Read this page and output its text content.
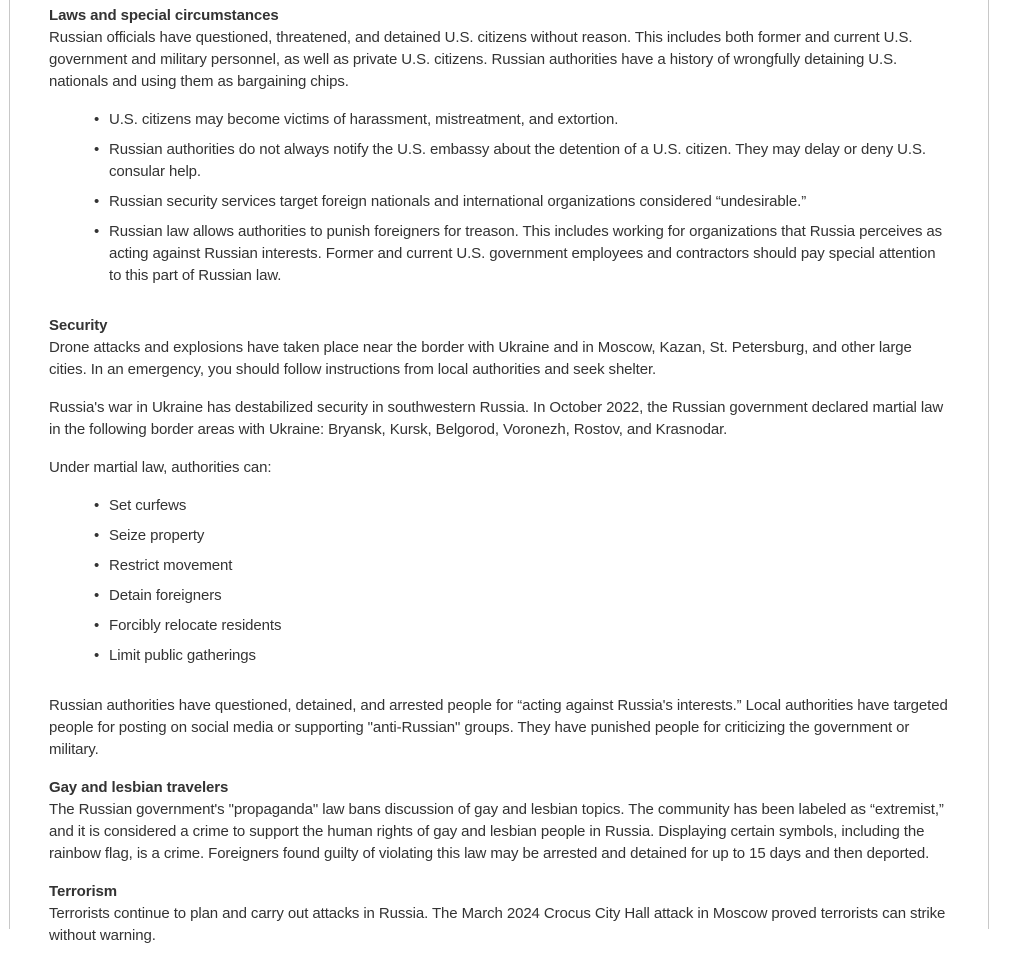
Laws and special circumstances

Russian officials have questioned, threatened, and detained U.S. citizens without reason. This includes both former and current U.S. government and military personnel, as well as private U.S. citizens. Russian authorities have a history of wrongfully detaining U.S. nationals and using them as bargaining chips.

• U.S. citizens may become victims of harassment, mistreatment, and extortion.
• Russian authorities do not always notify the U.S. embassy about the detention of a U.S. citizen. They may delay or deny U.S. consular help.
• Russian security services target foreign nationals and international organizations considered “undesirable.”
• Russian law allows authorities to punish foreigners for treason. This includes working for organizations that Russia perceives as acting against Russian interests. Former and current U.S. government employees and contractors should pay special attention to this part of Russian law.
Security

Drone attacks and explosions have taken place near the border with Ukraine and in Moscow, Kazan, St. Petersburg, and other large cities. In an emergency, you should follow instructions from local authorities and seek shelter.

Russia's war in Ukraine has destabilized security in southwestern Russia. In October 2022, the Russian government declared martial law in the following border areas with Ukraine: Bryansk, Kursk, Belgorod, Voronezh, Rostov, and Krasnodar.

Under martial law, authorities can:

• Set curfews
• Seize property
• Restrict movement
• Detain foreigners
• Forcibly relocate residents
• Limit public gatherings

Russian authorities have questioned, detained, and arrested people for “acting against Russia's interests.” Local authorities have targeted people for posting on social media or supporting "anti-Russian" groups. They have punished people for criticizing the government or military.

Gay and lesbian travelers

The Russian government's "propaganda" law bans discussion of gay and lesbian topics. The community has been labeled as “extremist,” and it is considered a crime to support the human rights of gay and lesbian people in Russia. Displaying certain symbols, including the rainbow flag, is a crime. Foreigners found guilty of violating this law may be arrested and detained for up to 15 days and then deported.

Terrorism

Terrorists continue to plan and carry out attacks in Russia. The March 2024 Crocus City Hall attack in Moscow proved terrorists can strike without warning.
